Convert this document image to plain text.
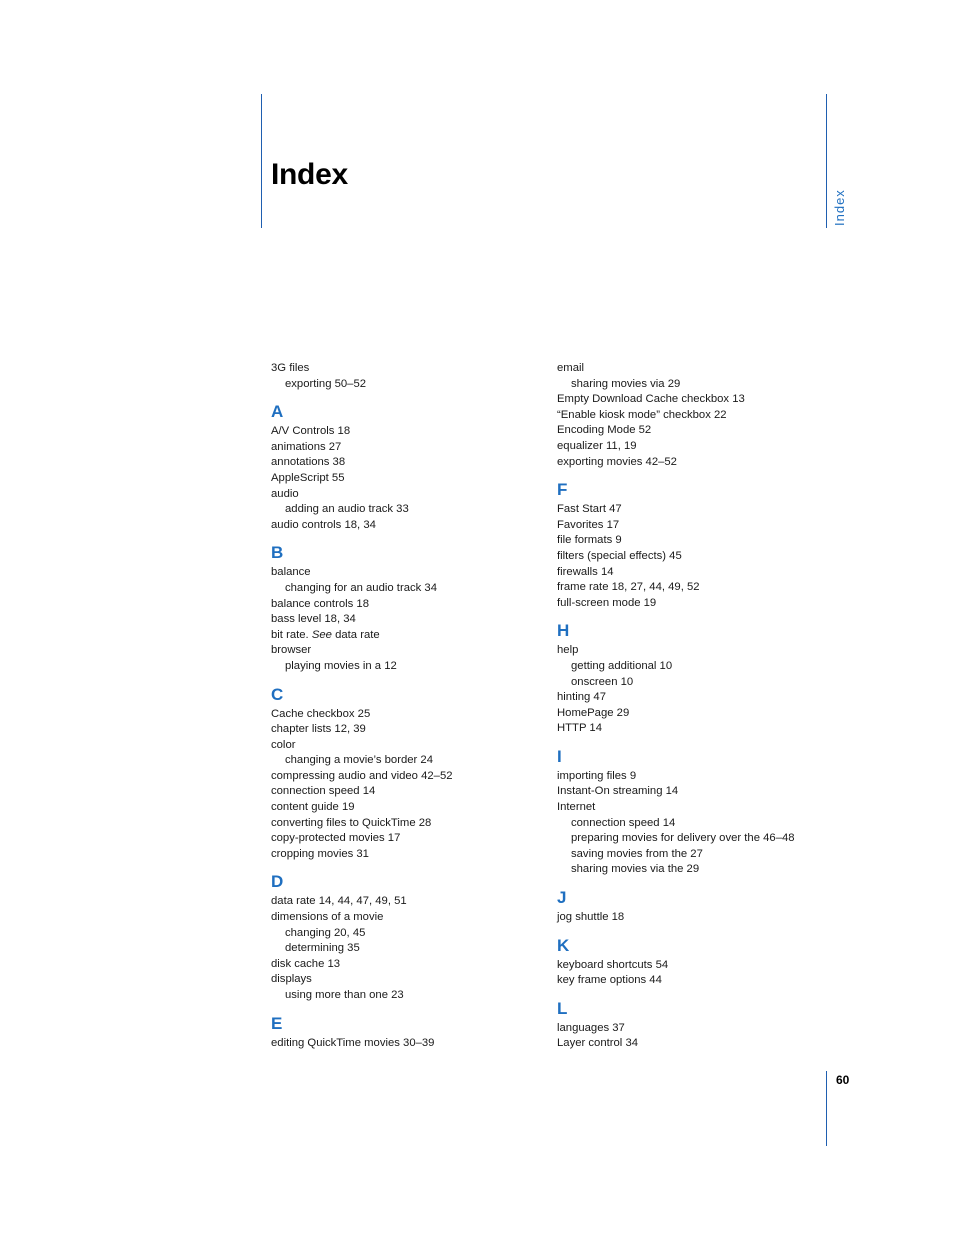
Index
Index
60
3G files
exporting 50–52
A
A/V Controls 18
animations 27
annotations 38
AppleScript 55
audio
adding an audio track 33
audio controls 18, 34
B
balance
changing for an audio track 34
balance controls 18
bass level 18, 34
bit rate. See data rate
browser
playing movies in a 12
C
Cache checkbox 25
chapter lists 12, 39
color
changing a movie’s border 24
compressing audio and video 42–52
connection speed 14
content guide 19
converting files to QuickTime 28
copy-protected movies 17
cropping movies 31
D
data rate 14, 44, 47, 49, 51
dimensions of a movie
changing 20, 45
determining 35
disk cache 13
displays
using more than one 23
E
editing QuickTime movies 30–39
email
sharing movies via 29
Empty Download Cache checkbox 13
“Enable kiosk mode” checkbox 22
Encoding Mode 52
equalizer 11, 19
exporting movies 42–52
F
Fast Start 47
Favorites 17
file formats 9
filters (special effects) 45
firewalls 14
frame rate 18, 27, 44, 49, 52
full-screen mode 19
H
help
getting additional 10
onscreen 10
hinting 47
HomePage 29
HTTP 14
I
importing files 9
Instant-On streaming 14
Internet
connection speed 14
preparing movies for delivery over the 46–48
saving movies from the 27
sharing movies via the 29
J
jog shuttle 18
K
keyboard shortcuts 54
key frame options 44
L
languages 37
Layer control 34
